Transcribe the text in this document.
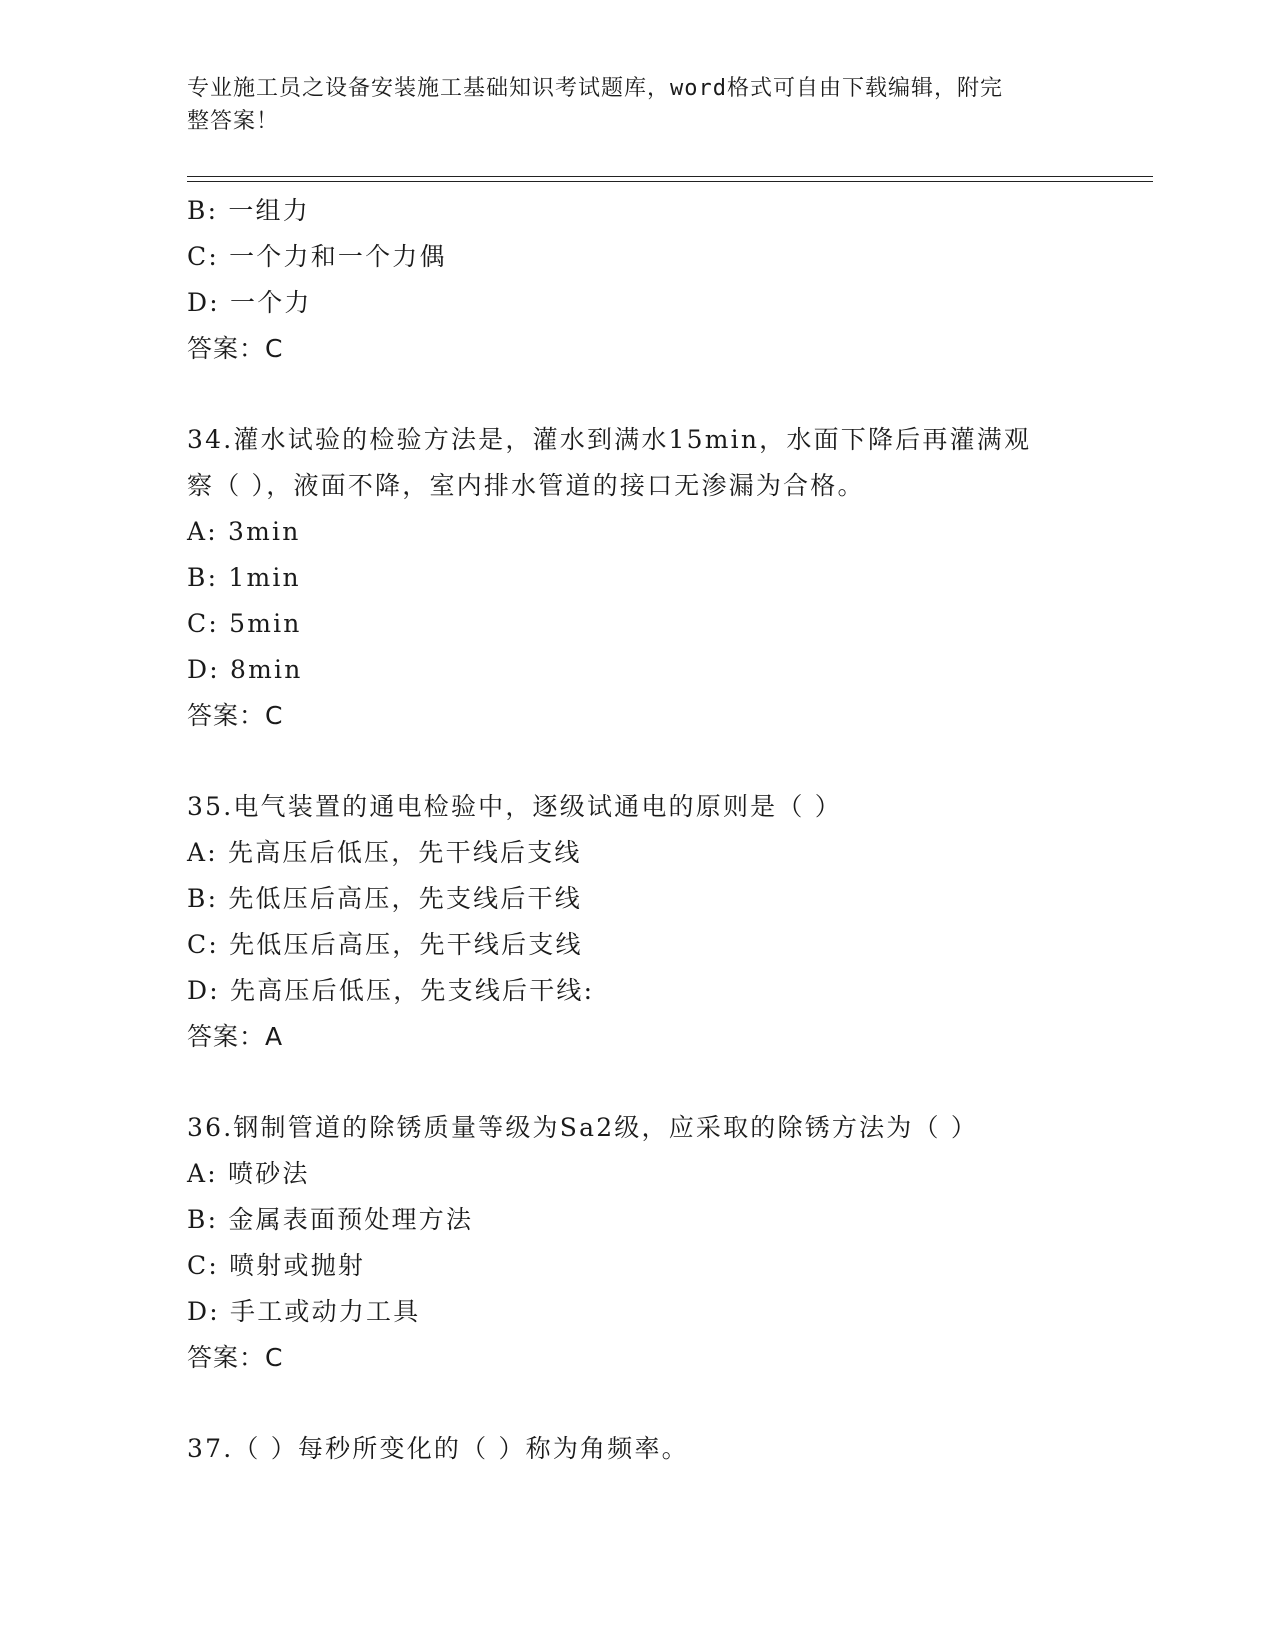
专业施工员之设备安装施工基础知识考试题库，word格式可自由下载编辑，附完
整答案！
B: 一组力
C: 一个力和一个力偶
D: 一个力
答案：C
34.灌水试验的检验方法是，灌水到满水15min，水面下降后再灌满观
察（ ），液面不降，室内排水管道的接口无渗漏为合格。
A: 3min
B: 1min
C: 5min
D: 8min
答案：C
35.电气装置的通电检验中，逐级试通电的原则是（ ）
A: 先高压后低压，先干线后支线
B: 先低压后高压，先支线后干线
C: 先低压后高压，先干线后支线
D: 先高压后低压，先支线后干线:
答案：A
36.钢制管道的除锈质量等级为Sa2级，应采取的除锈方法为（ ）
A: 喷砂法
B: 金属表面预处理方法
C: 喷射或抛射
D: 手工或动力工具
答案：C
37.（ ）每秒所变化的（ ）称为角频率。
